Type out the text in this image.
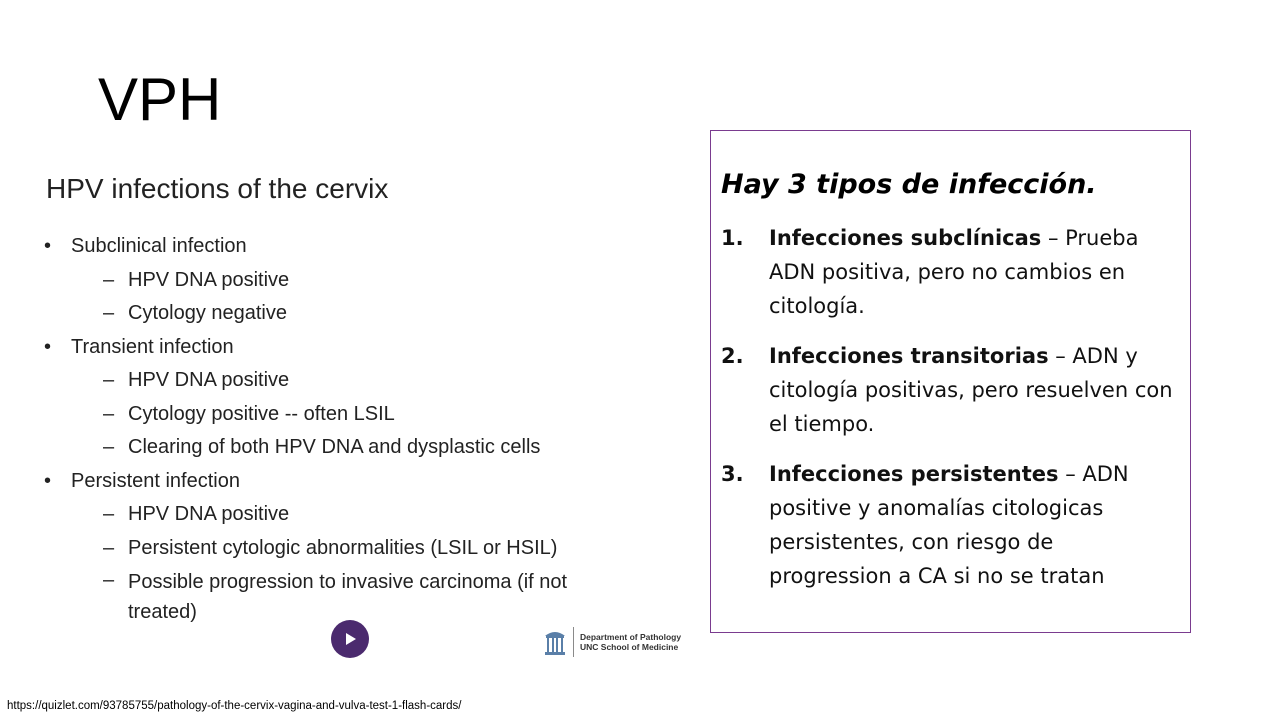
VPH
HPV infections of the cervix
• Subclinical infection
– HPV DNA positive
– Cytology negative
• Transient infection
– HPV DNA positive
– Cytology positive -- often LSIL
– Clearing of both HPV DNA and dysplastic cells
• Persistent infection
– HPV DNA positive
– Persistent cytologic abnormalities (LSIL or HSIL)
– Possible progression to invasive carcinoma (if not treated)
Department of Pathology
UNC School of Medicine
Hay 3 tipos de infección.
1. Infecciones subclínicas – Prueba ADN positiva, pero no cambios en citología.
2. Infecciones transitorias – ADN y citología positivas, pero resuelven con el tiempo.
3. Infecciones persistentes – ADN positive y anomalías citologicas persistentes, con riesgo de progression a CA si no se tratan
https://quizlet.com/93785755/pathology-of-the-cervix-vagina-and-vulva-test-1-flash-cards/
